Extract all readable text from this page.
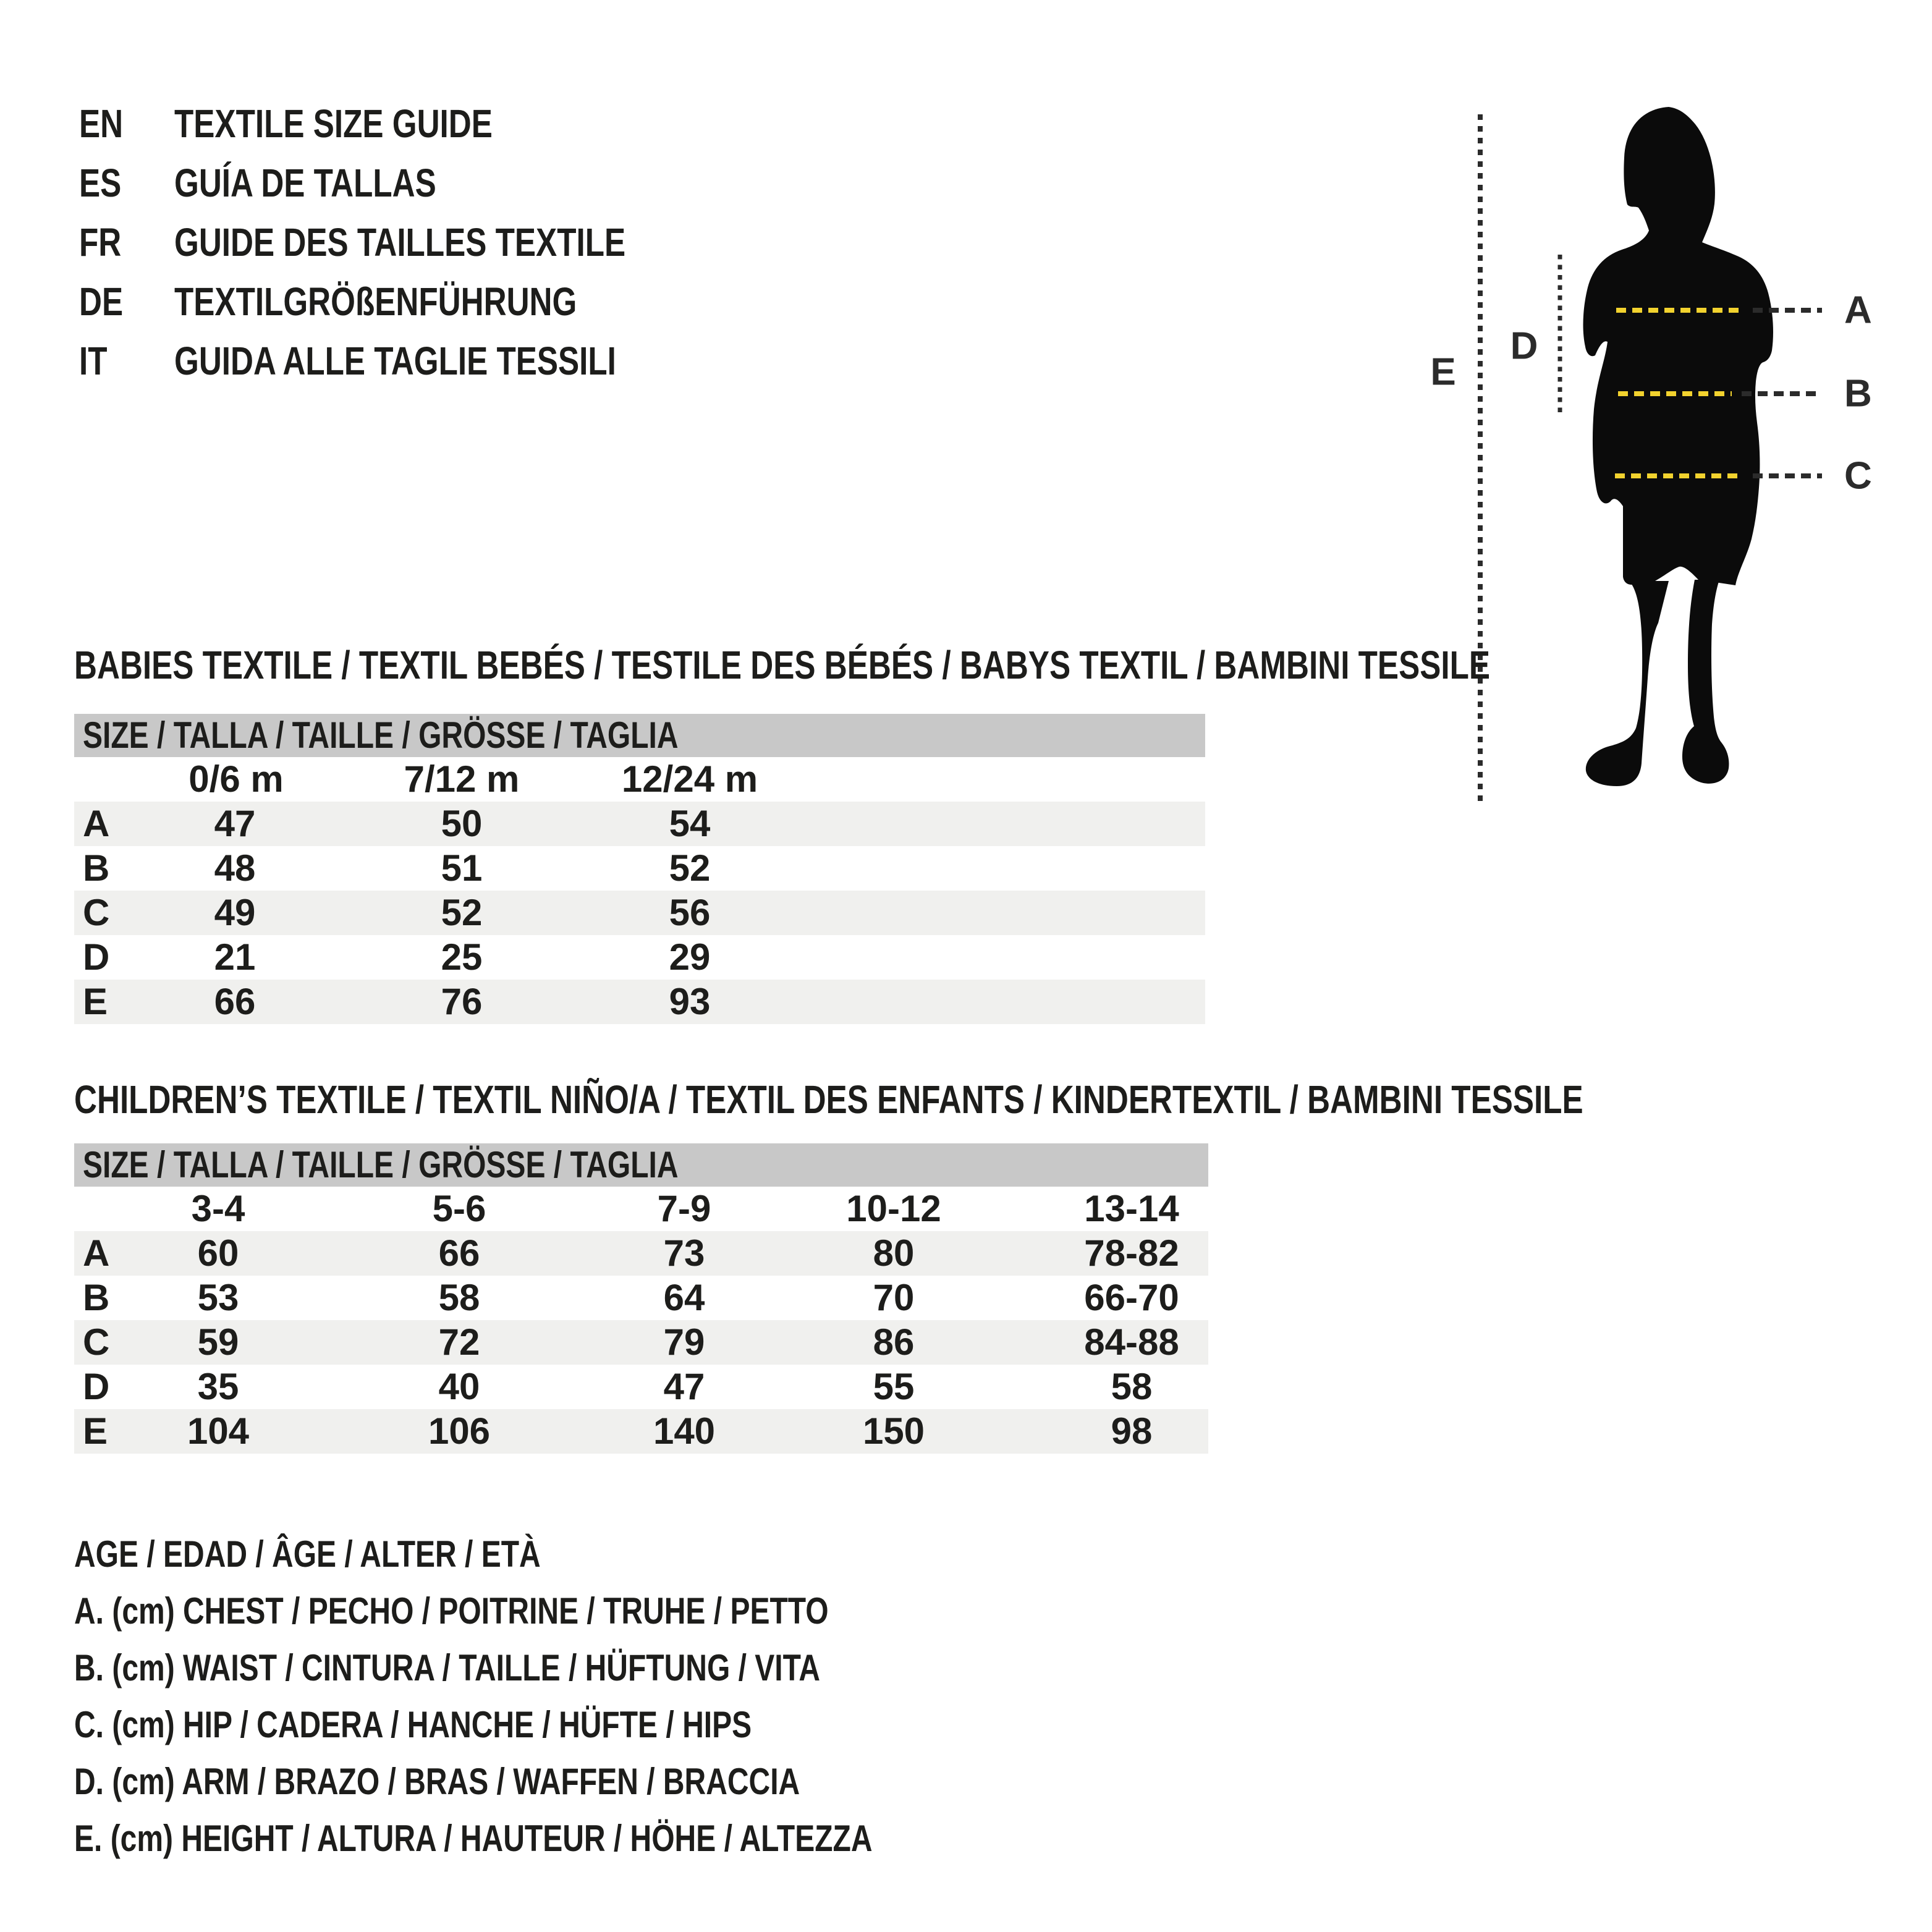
EN TEXTILE SIZE GUIDE
ES GUÍA DE TALLAS
FR GUIDE DES TAILLES TEXTILE
DE TEXTILGRÖßENFÜHRUNG
IT GUIDA ALLE TAGLIE TESSILI
A
B
C
D
E
BABIES TEXTILE / TEXTIL BEBÉS / TESTILE DES BÉBÉS / BABYS TEXTIL / BAMBINI TESSILE
SIZE / TALLA / TAILLE / GRÖSSE / TAGLIA
0/6 m	7/12 m	12/24 m
A	47	50	54
B	48	51	52
C	49	52	56
D	21	25	29
E	66	76	93
CHILDREN’S TEXTILE / TEXTIL NIÑO/A / TEXTIL DES ENFANTS / KINDERTEXTIL / BAMBINI TESSILE
SIZE / TALLA / TAILLE / GRÖSSE / TAGLIA
3-4	5-6	7-9	10-12	13-14
A 60	66	73	80	78-82
B 53	58	64	70	66-70
C 59	72	79	86	84-88
D 35	40	47	55	58
E 104	106	140	150	98
AGE / EDAD / ÂGE / ALTER / ETÀ
A. (cm) CHEST / PECHO / POITRINE / TRUHE / PETTO
B. (cm) WAIST / CINTURA / TAILLE / HÜFTUNG / VITA
C. (cm) HIP / CADERA / HANCHE / HÜFTE / HIPS
D. (cm) ARM / BRAZO / BRAS / WAFFEN / BRACCIA
E. (cm) HEIGHT / ALTURA / HAUTEUR / HÖHE / ALTEZZA
